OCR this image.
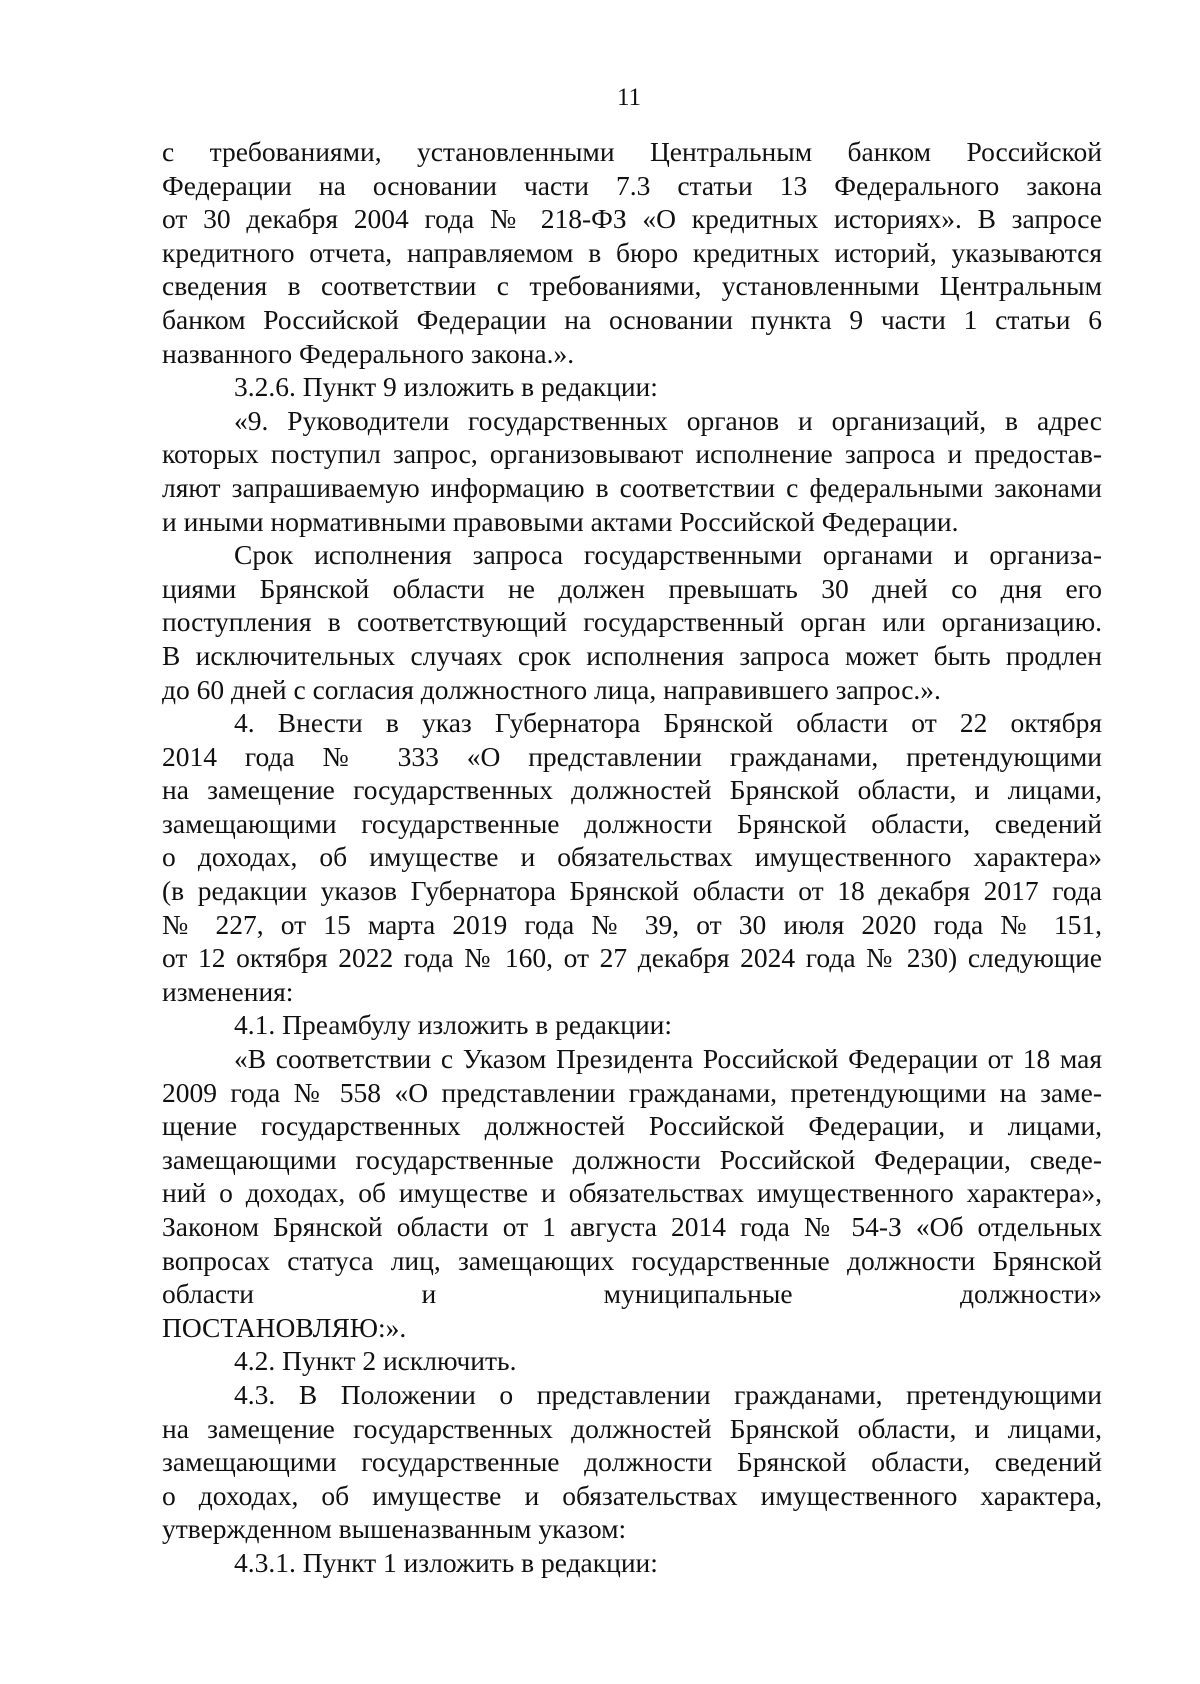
11

с требованиями, установленными Центральным банком Российской

Федерации на основании части 7.3 статьи 13 Федерального закона

от 30 декабря 2004 года № 218-ФЗ «О кредитных историях». В запросе

кредитного отчета, направляемом в бюро кредитных историй, указываются

сведения в соответствии с требованиями, установленными Центральным

банком Российской Федерации на основании пункта 9 части 1 статьи 6

названного Федерального закона.».

3.2.6. Пункт 9 изложить в редакции:

«9. Руководители государственных органов и организаций, в адрес

которых поступил запрос, организовывают исполнение запроса и предостав-

ляют запрашиваемую информацию в соответствии с федеральными законами

и иными нормативными правовыми актами Российской Федерации.

Срок исполнения запроса государственными органами и организа-

циями Брянской области не должен превышать 30 дней со дня его

поступления в соответствующий государственный орган или организацию.

В исключительных случаях срок исполнения запроса может быть продлен

до 60 дней с согласия должностного лица, направившего запрос.».

4. Внести в указ Губернатора Брянской области от 22 октября

2014 года № 333 «О представлении гражданами, претендующими

на замещение государственных должностей Брянской области, и лицами,

замещающими государственные должности Брянской области, сведений

о доходах, об имуществе и обязательствах имущественного характера»

(в редакции указов Губернатора Брянской области от 18 декабря 2017 года

№ 227, от 15 марта 2019 года № 39, от 30 июля 2020 года № 151,

от 12 октября 2022 года № 160, от 27 декабря 2024 года № 230) следующие

изменения:

4.1. Преамбулу изложить в редакции:

«В соответствии с Указом Президента Российской Федерации от 18 мая

2009 года № 558 «О представлении гражданами, претендующими на заме-

щение государственных должностей Российской Федерации, и лицами,

замещающими государственные должности Российской Федерации, сведе-

ний о доходах, об имуществе и обязательствах имущественного характера»,

Законом Брянской области от 1 августа 2014 года № 54-З «Об отдельных

вопросах статуса лиц, замещающих государственные должности Брянской

области и муниципальные должности»

ПОСТАНОВЛЯЮ:».

4.2. Пункт 2 исключить.

4.3. В Положении о представлении гражданами, претендующими

на замещение государственных должностей Брянской области, и лицами,

замещающими государственные должности Брянской области, сведений

о доходах, об имуществе и обязательствах имущественного характера,

утвержденном вышеназванным указом:

4.3.1. Пункт 1 изложить в редакции:
